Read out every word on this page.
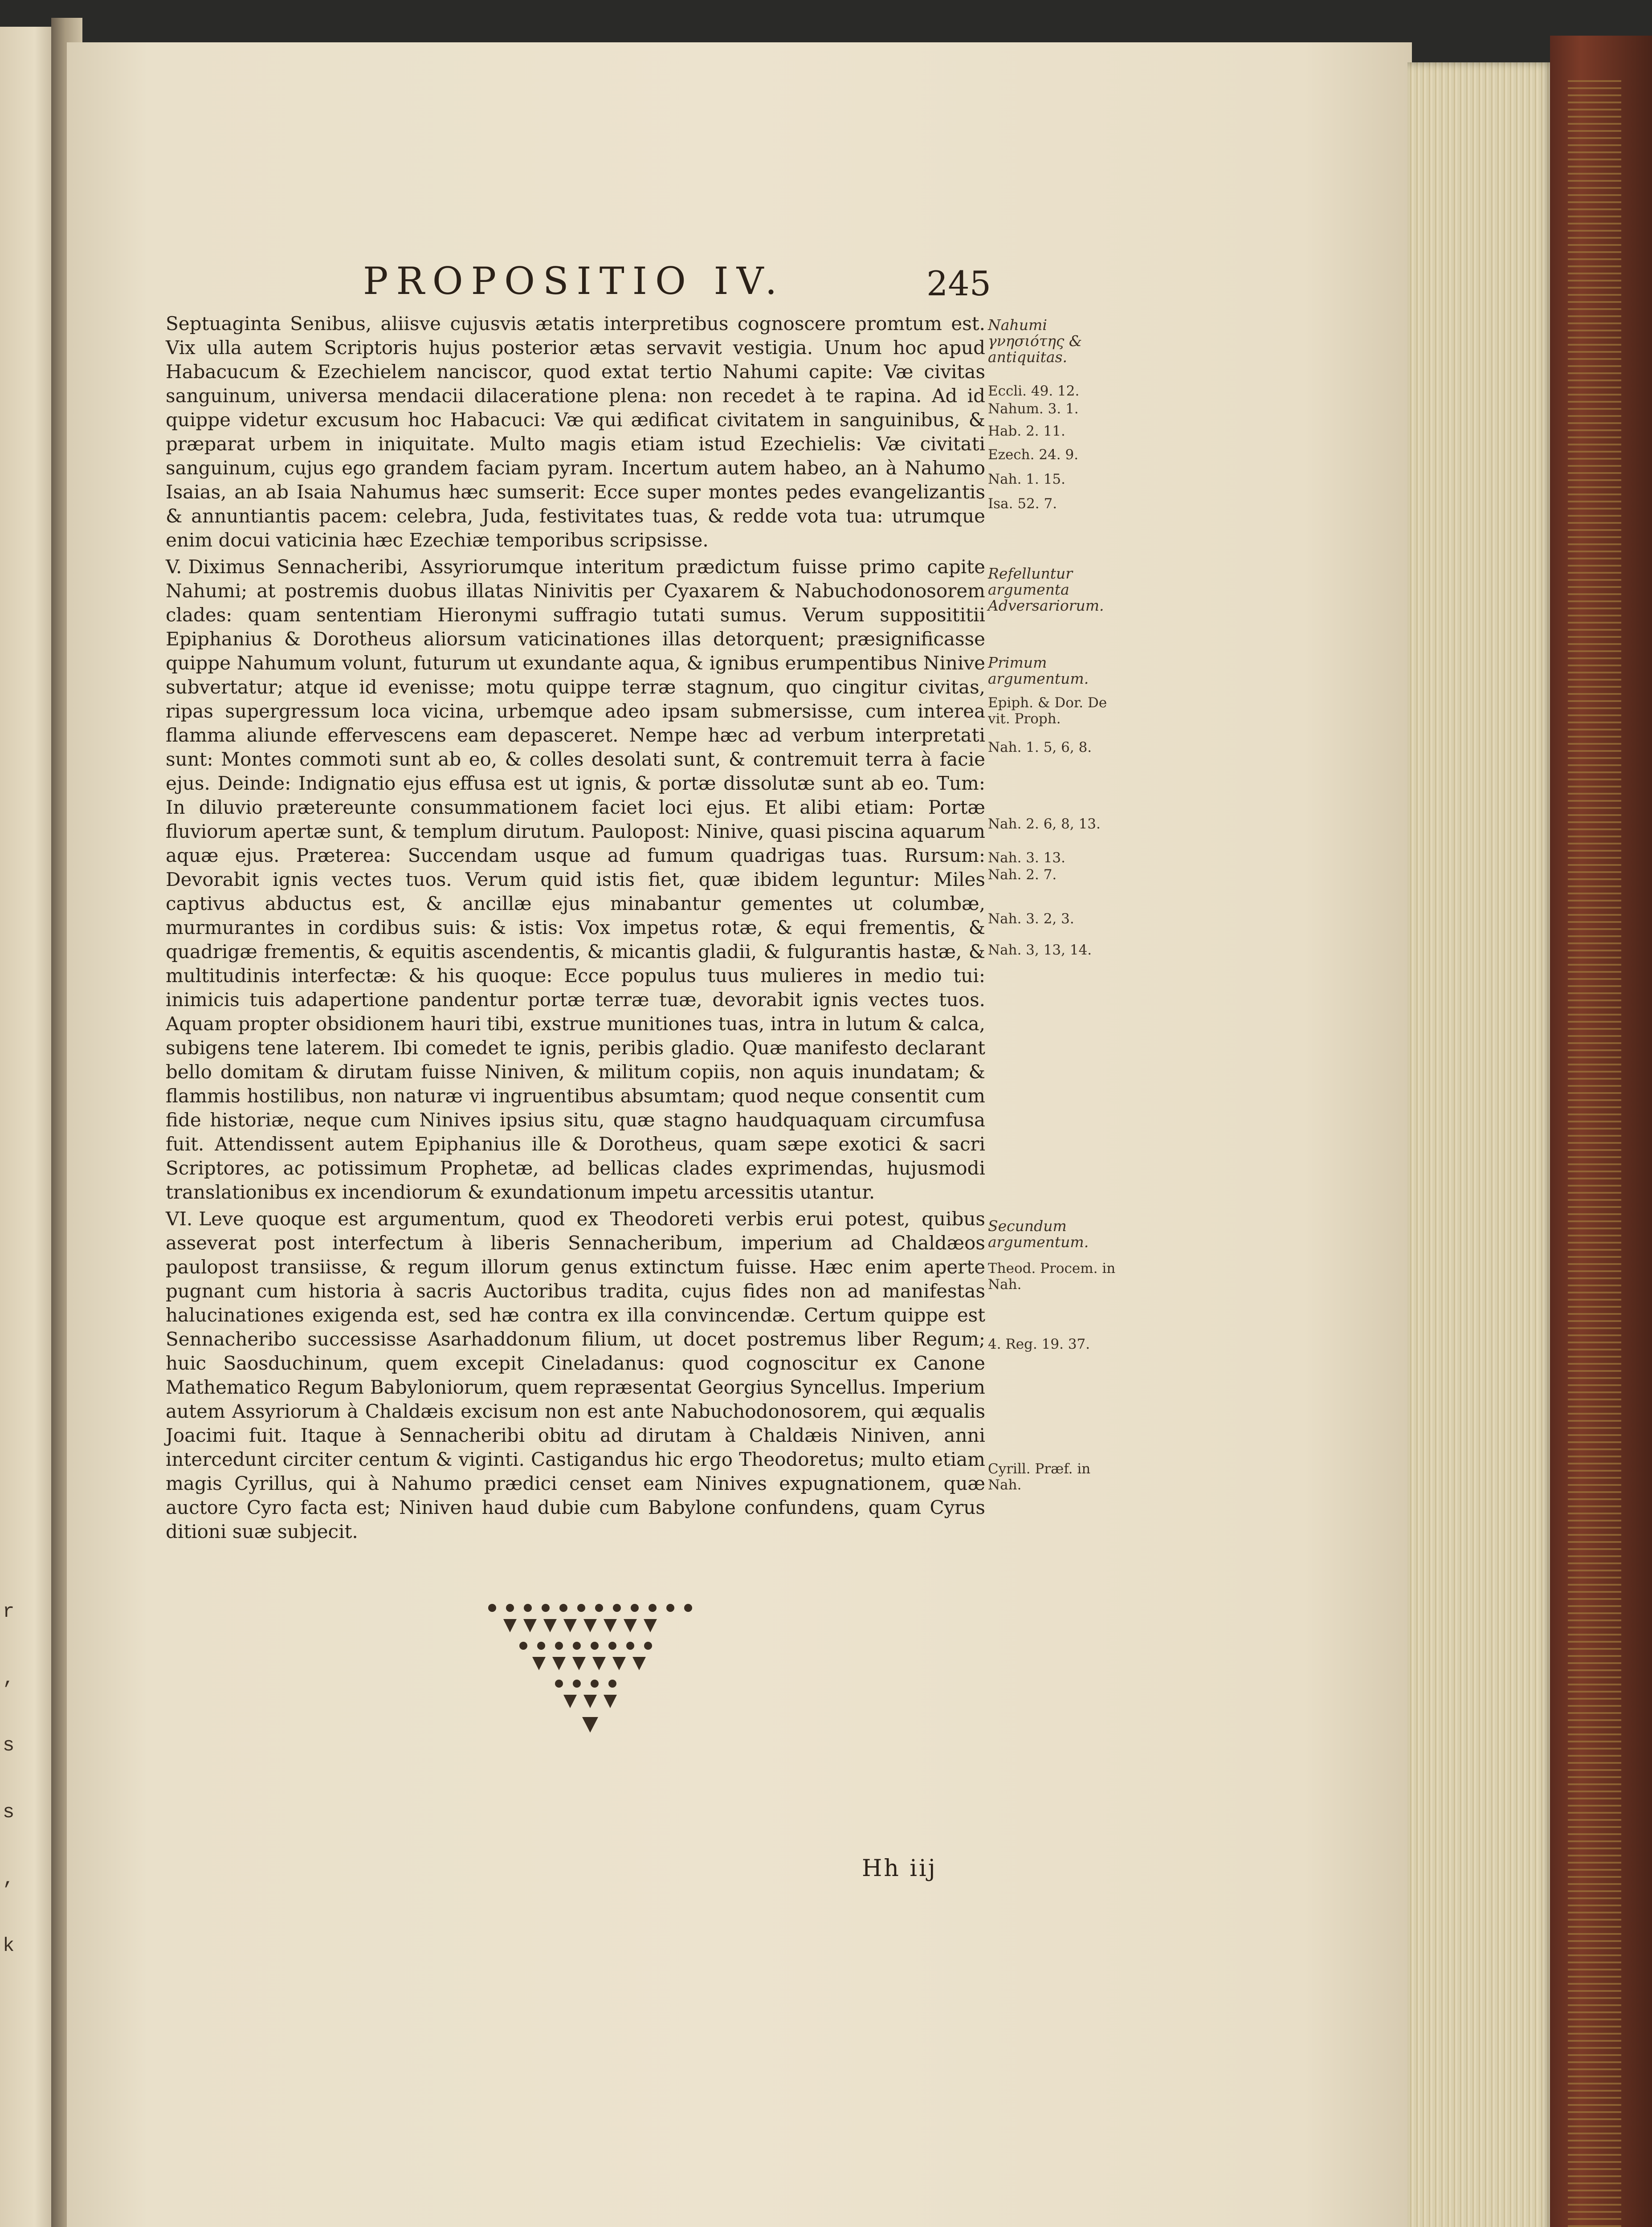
r
,
s
s
,
k
PROPOSITIO IV.	245

Septuaginta Senibus, aliisve cujusvis ætatis interpretibus cognoscere promtum est. Vix ulla autem Scriptoris hujus posterior ætas servavit vestigia. Unum hoc apud Habacucum & Ezechielem nanciscor, quod extat tertio Nahumi capite: Væ civitas sanguinum, universa mendacii dilaceratione plena: non recedet à te rapina. Ad id quippe videtur excusum hoc Habacuci: Væ qui ædificat civitatem in sanguinibus, & præparat urbem in iniquitate. Multo magis etiam istud Ezechielis: Væ civitati sanguinum, cujus ego grandem faciam pyram. Incertum autem habeo, an à Nahumo Isaias, an ab Isaia Nahumus hæc sumserit: Ecce super montes pedes evangelizantis & annuntiantis pacem: celebra, Juda, festivitates tuas, & redde vota tua: utrumque enim docui vaticinia hæc Ezechiæ temporibus scripsisse.

V. Diximus Sennacheribi, Assyriorumque interitum prædictum fuisse primo capite Nahumi; at postremis duobus illatas Ninivitis per Cyaxarem & Nabuchodonosorem clades: quam sententiam Hieronymi suffragio tutati sumus. Verum supposititii Epiphanius & Dorotheus aliorsum vaticinationes illas detorquent; præsignificasse quippe Nahumum volunt, futurum ut exundante aqua, & ignibus erumpentibus Ninive subvertatur; atque id evenisse; motu quippe terræ stagnum, quo cingitur civitas, ripas supergressum loca vicina, urbemque adeo ipsam submersisse, cum interea flamma aliunde effervescens eam depasceret. Nempe hæc ad verbum interpretati sunt: Montes commoti sunt ab eo, & colles desolati sunt, & contremuit terra à facie ejus. Deinde: Indignatio ejus effusa est ut ignis, & portæ dissolutæ sunt ab eo. Tum: In diluvio prætereunte consummationem faciet loci ejus. Et alibi etiam: Portæ fluviorum apertæ sunt, & templum dirutum. Paulopost: Ninive, quasi piscina aquarum aquæ ejus. Præterea: Succendam usque ad fumum quadrigas tuas. Rursum: Devorabit ignis vectes tuos. Verum quid istis fiet, quæ ibidem leguntur: Miles captivus abductus est, & ancillæ ejus minabantur gementes ut columbæ, murmurantes in cordibus suis: & istis: Vox impetus rotæ, & equi frementis, & quadrigæ frementis, & equitis ascendentis, & micantis gladii, & fulgurantis hastæ, & multitudinis interfectæ: & his quoque: Ecce populus tuus mulieres in medio tui: inimicis tuis adapertione pandentur portæ terræ tuæ, devorabit ignis vectes tuos. Aquam propter obsidionem hauri tibi, exstrue munitiones tuas, intra in lutum & calca, subigens tene laterem. Ibi comedet te ignis, peribis gladio. Quæ manifesto declarant bello domitam & dirutam fuisse Niniven, & militum copiis, non aquis inundatam; & flammis hostilibus, non naturæ vi ingruentibus absumtam; quod neque consentit cum fide historiæ, neque cum Ninives ipsius situ, quæ stagno haudquaquam circumfusa fuit. Attendissent autem Epiphanius ille & Dorotheus, quam sæpe exotici & sacri Scriptores, ac potissimum Prophetæ, ad bellicas clades exprimendas, hujusmodi translationibus ex incendiorum & exundationum impetu arcessitis utantur.

VI. Leve quoque est argumentum, quod ex Theodoreti verbis erui potest, quibus asseverat post interfectum à liberis Sennacheribum, imperium ad Chaldæos paulopost transiisse, & regum illorum genus extinctum fuisse. Hæc enim aperte pugnant cum historia à sacris Auctoribus tradita, cujus fides non ad manifestas halucinationes exigenda est, sed hæ contra ex illa convincendæ. Certum quippe est Sennacheribo successisse Asarhaddonum filium, ut docet postremus liber Regum; huic Saosduchinum, quem excepit Cineladanus: quod cognoscitur ex Canone Mathematico Regum Babyloniorum, quem repræsentat Georgius Syncellus. Imperium autem Assyriorum à Chaldæis excisum non est ante Nabuchodonosorem, qui æqualis Joacimi fuit. Itaque à Sennacheribi obitu ad dirutam à Chaldæis Niniven, anni intercedunt circiter centum & viginti. Castigandus hic ergo Theodoretus; multo etiam magis Cyrillus, qui à Nahumo prædici censet eam Ninives expugnationem, quæ auctore Cyro facta est; Niniven haud dubie cum Babylone confundens, quam Cyrus ditioni suæ subjecit.

Nahumi γνησιότης & antiquitas.
Eccli. 49. 12.
Nahum. 3. 1.
Hab. 2. 11.
Ezech. 24. 9.
Nah. 1. 15.
Isa. 52. 7.
Refelluntur argumenta Adversariorum.
Primum argumentum.
Epiph. & Dor. De vit. Proph.
Nah. 1. 5, 6, 8.
Nah. 2. 6, 8, 13.
Nah. 3. 13.
Nah. 2. 7.
Nah. 3. 2, 3.
Nah. 3, 13, 14.
Secundum argumentum.
Theod. Procem. in Nah.
4. Reg. 19. 37.
Cyrill. Præf. in Nah.
Hh iij
